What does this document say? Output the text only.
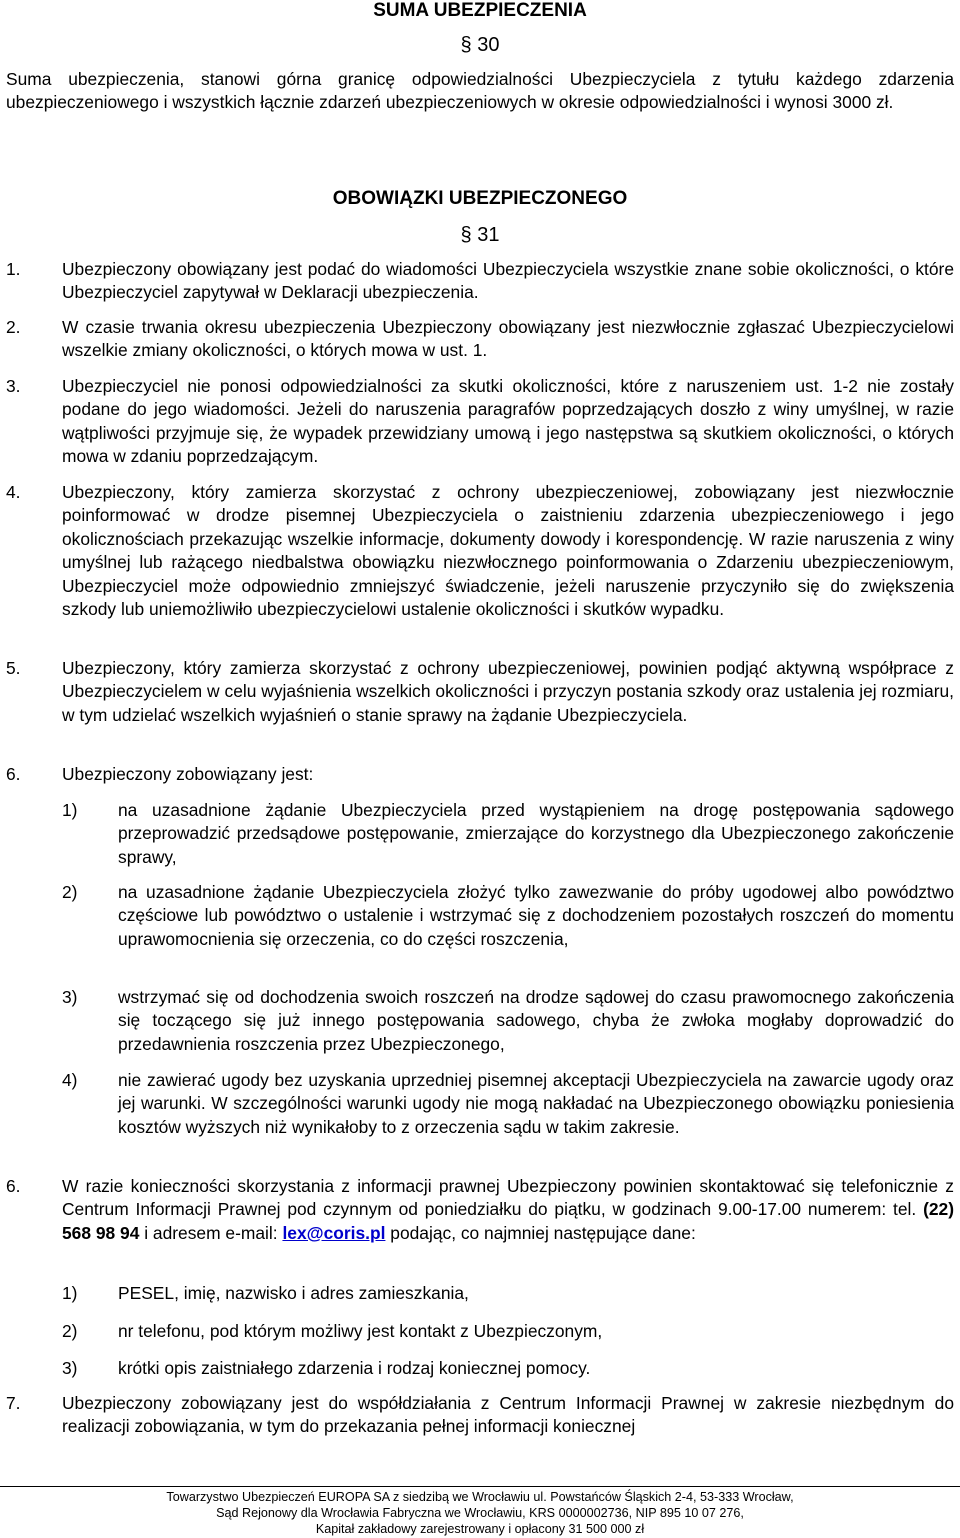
SUMA UBEZPIECZENIA
§ 30
Suma ubezpieczenia, stanowi górna granicę odpowiedzialności Ubezpieczyciela z tytułu każdego zdarzenia ubezpieczeniowego i wszystkich łącznie zdarzeń ubezpieczeniowych w okresie odpowiedzialności i wynosi 3000 zł.
OBOWIĄZKI UBEZPIECZONEGO
§ 31
1.	Ubezpieczony obowiązany jest podać do wiadomości Ubezpieczyciela wszystkie znane sobie okoliczności, o które Ubezpieczyciel zapytywał w Deklaracji ubezpieczenia.
2.	W czasie trwania okresu ubezpieczenia Ubezpieczony obowiązany jest niezwłocznie zgłaszać Ubezpieczycielowi wszelkie zmiany okoliczności, o których mowa w ust. 1.
3.	Ubezpieczyciel nie ponosi odpowiedzialności za skutki okoliczności, które z naruszeniem ust. 1-2 nie zostały podane do jego wiadomości. Jeżeli do naruszenia paragrafów poprzedzających doszło z winy umyślnej, w razie wątpliwości przyjmuje się, że wypadek przewidziany umową i jego następstwa są skutkiem okoliczności, o których mowa w zdaniu poprzedzającym.
4.	Ubezpieczony, który zamierza skorzystać z ochrony ubezpieczeniowej, zobowiązany jest niezwłocznie poinformować w drodze pisemnej Ubezpieczyciela o zaistnieniu zdarzenia ubezpieczeniowego i jego okolicznościach przekazując wszelkie informacje, dokumenty dowody i korespondencję. W razie naruszenia z winy umyślnej lub rażącego niedbalstwa obowiązku niezwłocznego poinformowania o Zdarzeniu ubezpieczeniowym, Ubezpieczyciel może odpowiednio zmniejszyć świadczenie, jeżeli naruszenie przyczyniło się do zwiększenia szkody lub uniemożliwiło ubezpieczycielowi ustalenie okoliczności i skutków wypadku.
5.	Ubezpieczony, który zamierza skorzystać z ochrony ubezpieczeniowej, powinien podjąć aktywną współprace z Ubezpieczycielem w celu wyjaśnienia wszelkich okoliczności i przyczyn postania szkody oraz ustalenia jej rozmiaru, w tym udzielać wszelkich wyjaśnień o stanie sprawy na żądanie Ubezpieczyciela.
6.	Ubezpieczony zobowiązany jest:
1)	na uzasadnione żądanie Ubezpieczyciela przed wystąpieniem na drogę postępowania sądowego przeprowadzić przedsądowe postępowanie, zmierzające do korzystnego dla Ubezpieczonego zakończenie sprawy,
2)	na uzasadnione żądanie Ubezpieczyciela złożyć tylko zawezwanie do próby ugodowej albo powództwo częściowe lub powództwo o ustalenie i wstrzymać się z dochodzeniem pozostałych roszczeń do momentu uprawomocnienia się orzeczenia, co do części roszczenia,
3)	wstrzymać się od dochodzenia swoich roszczeń na drodze sądowej do czasu prawomocnego zakończenia się toczącego się już innego postępowania sadowego, chyba że zwłoka mogłaby doprowadzić do przedawnienia roszczenia przez Ubezpieczonego,
4)	nie zawierać ugody bez uzyskania uprzedniej pisemnej akceptacji Ubezpieczyciela na zawarcie ugody oraz jej warunki. W szczególności warunki ugody nie mogą nakładać na Ubezpieczonego obowiązku poniesienia kosztów wyższych niż wynikałoby to z orzeczenia sądu w takim zakresie.
6.	W razie konieczności skorzystania z informacji prawnej Ubezpieczony powinien skontaktować się telefonicznie z Centrum Informacji Prawnej pod czynnym od poniedziałku do piątku, w godzinach 9.00-17.00 numerem: tel. (22) 568 98 94 i adresem e-mail: lex@coris.pl podając, co najmniej następujące dane:
1)	PESEL, imię, nazwisko i adres zamieszkania,
2)	nr telefonu, pod którym możliwy jest kontakt z Ubezpieczonym,
3)	krótki opis zaistniałego zdarzenia i rodzaj koniecznej pomocy.
7.	Ubezpieczony zobowiązany jest do współdziałania z Centrum Informacji Prawnej w zakresie niezbędnym do realizacji zobowiązania, w tym do przekazania pełnej informacji koniecznej
Towarzystwo Ubezpieczeń EUROPA SA z siedzibą we Wrocławiu ul. Powstańców Śląskich 2-4, 53-333 Wrocław,
Sąd Rejonowy dla Wrocławia Fabryczna we Wrocławiu, KRS 0000002736, NIP 895 10 07 276,
Kapitał zakładowy zarejestrowany i opłacony 31 500 000 zł
